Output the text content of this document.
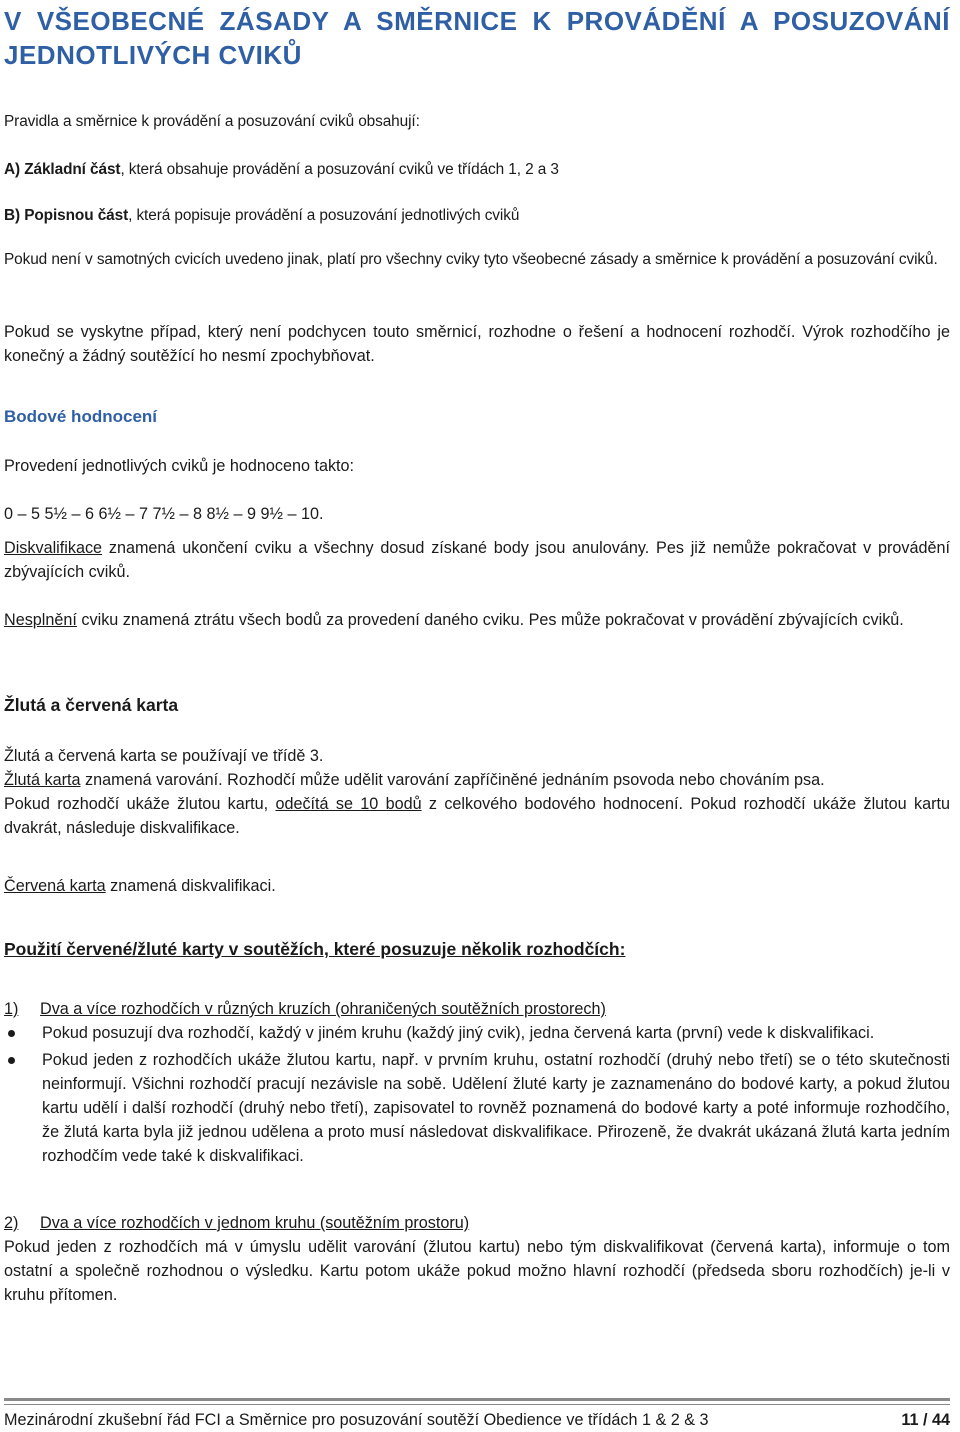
V VŠEOBECNÉ ZÁSADY A SMĚRNICE K PROVÁDĚNÍ A POSUZOVÁNÍ JEDNOTLIVÝCH CVIKŮ

Pravidla a směrnice k provádění a posuzování cviků obsahují:

A) Základní část, která obsahuje provádění a posuzování cviků ve třídách 1, 2 a 3

B) Popisnou část, která popisuje provádění a posuzování jednotlivých cviků

Pokud není v samotných cvicích uvedeno jinak, platí pro všechny cviky tyto všeobecné zásady a směrnice k provádění a posuzování cviků.

Pokud se vyskytne případ, který není podchycen touto směrnicí, rozhodne o řešení a hodnocení rozhodčí. Výrok rozhodčího je konečný a žádný soutěžící ho nesmí zpochybňovat.

Bodové hodnocení

Provedení jednotlivých cviků je hodnoceno takto:

0 – 5 5½ – 6 6½ – 7 7½ – 8 8½ – 9 9½ – 10.

Diskvalifikace znamená ukončení cviku a všechny dosud získané body jsou anulovány. Pes již nemůže pokračovat v provádění zbývajících cviků.

Nesplnění cviku znamená ztrátu všech bodů za provedení daného cviku. Pes může pokračovat v provádění zbývajících cviků.

Žlutá a červená karta

Žlutá a červená karta se používají ve třídě 3.

Žlutá karta znamená varování. Rozhodčí může udělit varování zapříčiněné jednáním psovoda nebo chováním psa.

Pokud rozhodčí ukáže žlutou kartu, odečítá se 10 bodů z celkového bodového hodnocení. Pokud rozhodčí ukáže žlutou kartu dvakrát, následuje diskvalifikace.

Červená karta znamená diskvalifikaci.

Použití červené/žluté karty v soutěžích, které posuzuje několik rozhodčích:

1) Dva a více rozhodčích v různých kruzích (ohraničených soutěžních prostorech)

Pokud posuzují dva rozhodčí, každý v jiném kruhu (každý jiný cvik), jedna červená karta (první) vede k diskvalifikaci.
Pokud jeden z rozhodčích ukáže žlutou kartu, např. v prvním kruhu, ostatní rozhodčí (druhý nebo třetí) se o této skutečnosti neinformují. Všichni rozhodčí pracují nezávisle na sobě. Udělení žluté karty je zaznamenáno do bodové karty, a pokud žlutou kartu udělí i další rozhodčí (druhý nebo třetí), zapisovatel to rovněž poznamená do bodové karty a poté informuje rozhodčího, že žlutá karta byla již jednou udělena a proto musí následovat diskvalifikace. Přirozeně, že dvakrát ukázaná žlutá karta jedním rozhodčím vede také k diskvalifikaci.

2) Dva a více rozhodčích v jednom kruhu (soutěžním prostoru)

Pokud jeden z rozhodčích má v úmyslu udělit varování (žlutou kartu) nebo tým diskvalifikovat (červená karta), informuje o tom ostatní a společně rozhodnou o výsledku. Kartu potom ukáže pokud možno hlavní rozhodčí (předseda sboru rozhodčích) je-li v kruhu přítomen.

Mezinárodní zkušební řád FCI a Směrnice pro posuzování soutěží Obedience ve třídách 1 & 2 & 3	11 / 44
